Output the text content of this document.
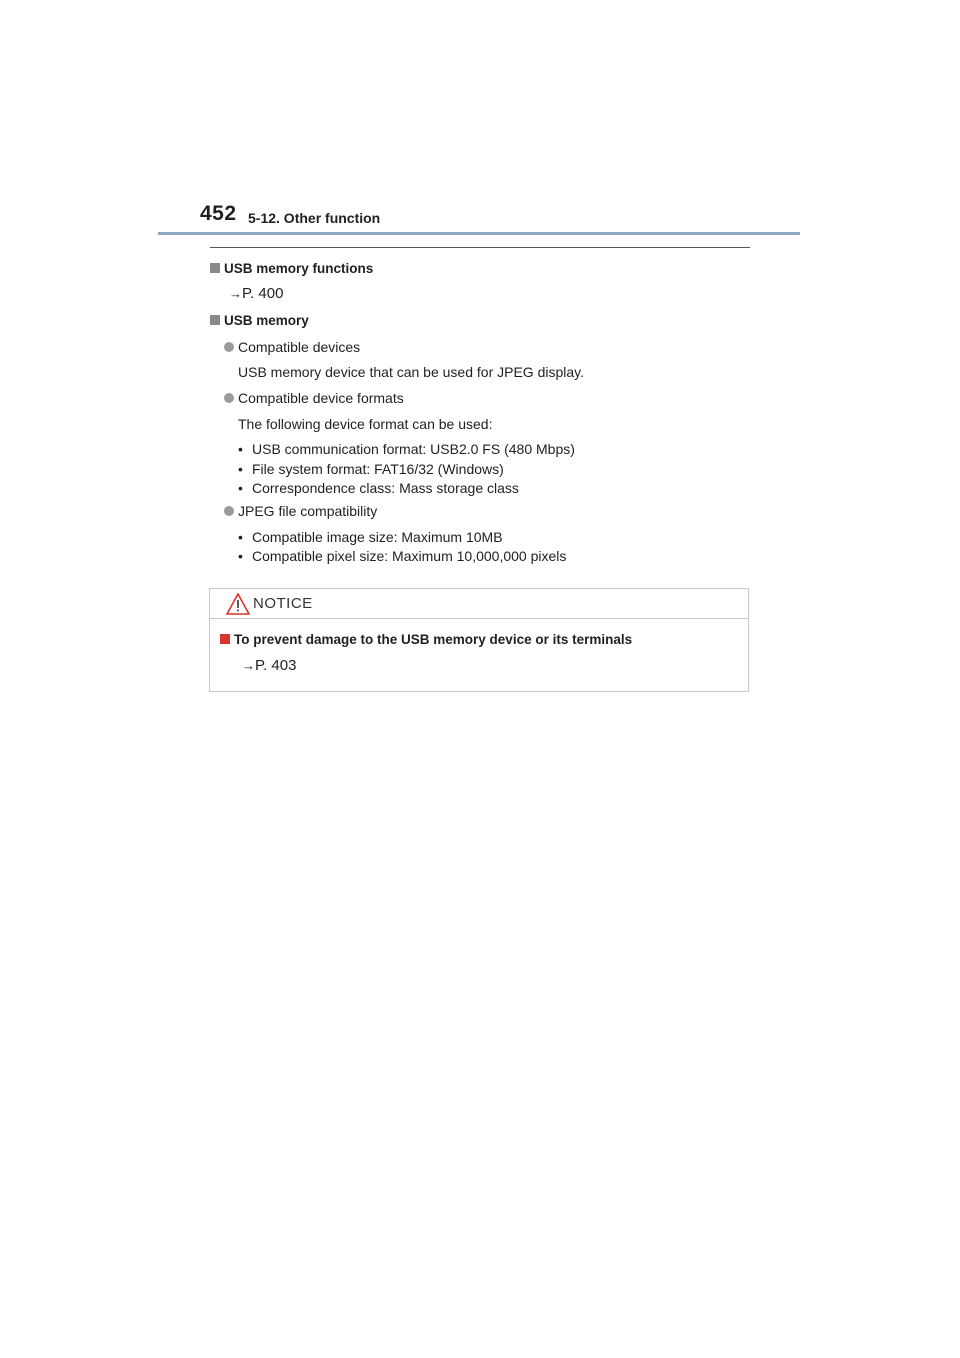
452 5-12. Other function
USB memory functions
→P. 400
USB memory
Compatible devices
USB memory device that can be used for JPEG display.
Compatible device formats
The following device format can be used:
• USB communication format: USB2.0 FS (480 Mbps)
• File system format: FAT16/32 (Windows)
• Correspondence class: Mass storage class
JPEG file compatibility
• Compatible image size: Maximum 10MB
• Compatible pixel size: Maximum 10,000,000 pixels
NOTICE
To prevent damage to the USB memory device or its terminals
→P. 403
